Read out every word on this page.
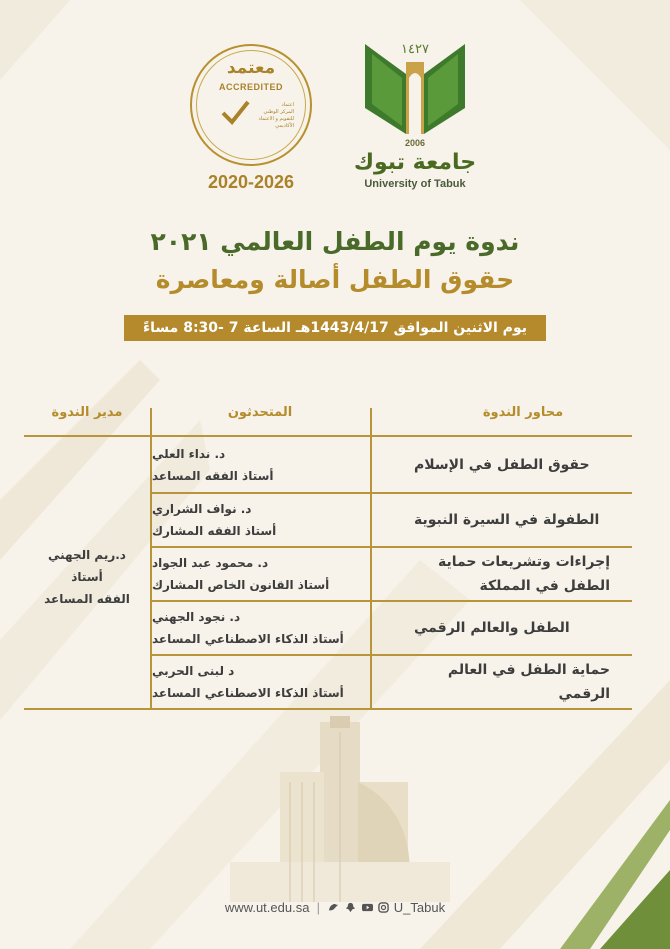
١٤٢٧
2006
جامعة تبوك
University of Tabuk
معتمد
ACCREDITED
اعتماد
المركز الوطني
للتقويم و الاعتماد
الأكاديمي
2020-2026
ندوة يوم الطفل العالمي ٢٠٢١
حقوق الطفل أصالة ومعاصرة
يوم الاثنين الموافق 1443/4/17هـ الساعة 7 -8:30 مساءً
محاور الندوة
المتحدثون
مدير الندوة
حقوق الطفل في الإسلام
الطفولة في السيرة النبوية
إجراءات وتشريعات حماية الطفل في المملكة
الطفل والعالم الرقمي
حماية الطفل في العالم الرقمي
د. نداء العلي
أستاذ الفقه المساعد
د. نواف الشراري
أستاذ الفقه المشارك
د. محمود عبد الجواد
أستاذ القانون الخاص المشارك
د. نجود الجهني
أستاذ الذكاء الاصطناعي المساعد
د لبنى الحربي
أستاذ الذكاء الاصطناعي المساعد
د.ريم الجهني
أستاذ
الفقه المساعد
www.ut.edu.sa  |	U_Tabuk
